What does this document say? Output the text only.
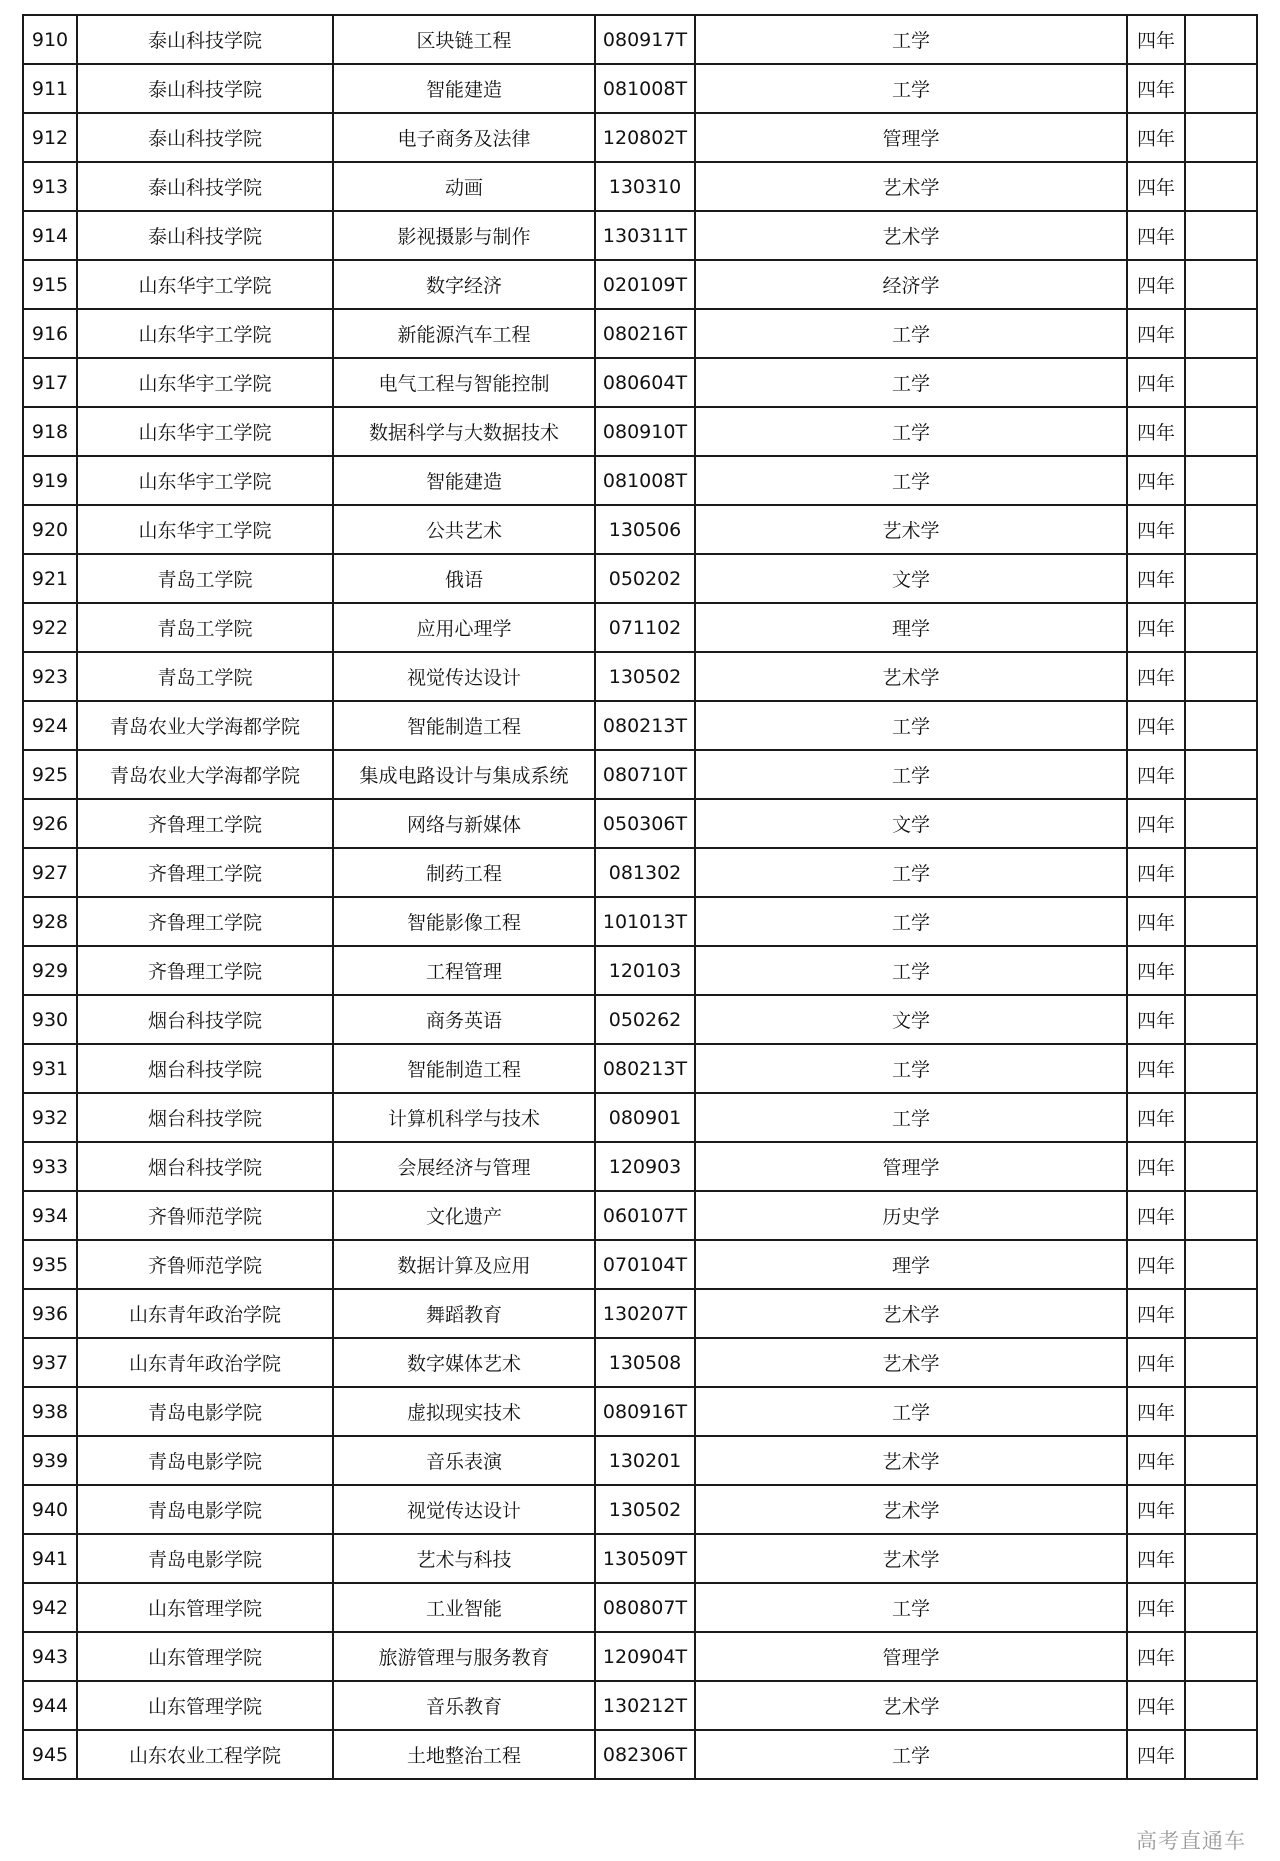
910	泰山科技学院	区块链工程	080917T	工学	四年	
911	泰山科技学院	智能建造	081008T	工学	四年	
912	泰山科技学院	电子商务及法律	120802T	管理学	四年	
913	泰山科技学院	动画	130310	艺术学	四年	
914	泰山科技学院	影视摄影与制作	130311T	艺术学	四年	
915	山东华宇工学院	数字经济	020109T	经济学	四年	
916	山东华宇工学院	新能源汽车工程	080216T	工学	四年	
917	山东华宇工学院	电气工程与智能控制	080604T	工学	四年	
918	山东华宇工学院	数据科学与大数据技术	080910T	工学	四年	
919	山东华宇工学院	智能建造	081008T	工学	四年	
920	山东华宇工学院	公共艺术	130506	艺术学	四年	
921	青岛工学院	俄语	050202	文学	四年	
922	青岛工学院	应用心理学	071102	理学	四年	
923	青岛工学院	视觉传达设计	130502	艺术学	四年	
924	青岛农业大学海都学院	智能制造工程	080213T	工学	四年	
925	青岛农业大学海都学院	集成电路设计与集成系统	080710T	工学	四年	
926	齐鲁理工学院	网络与新媒体	050306T	文学	四年	
927	齐鲁理工学院	制药工程	081302	工学	四年	
928	齐鲁理工学院	智能影像工程	101013T	工学	四年	
929	齐鲁理工学院	工程管理	120103	工学	四年	
930	烟台科技学院	商务英语	050262	文学	四年	
931	烟台科技学院	智能制造工程	080213T	工学	四年	
932	烟台科技学院	计算机科学与技术	080901	工学	四年	
933	烟台科技学院	会展经济与管理	120903	管理学	四年	
934	齐鲁师范学院	文化遗产	060107T	历史学	四年	
935	齐鲁师范学院	数据计算及应用	070104T	理学	四年	
936	山东青年政治学院	舞蹈教育	130207T	艺术学	四年	
937	山东青年政治学院	数字媒体艺术	130508	艺术学	四年	
938	青岛电影学院	虚拟现实技术	080916T	工学	四年	
939	青岛电影学院	音乐表演	130201	艺术学	四年	
940	青岛电影学院	视觉传达设计	130502	艺术学	四年	
941	青岛电影学院	艺术与科技	130509T	艺术学	四年	
942	山东管理学院	工业智能	080807T	工学	四年	
943	山东管理学院	旅游管理与服务教育	120904T	管理学	四年	
944	山东管理学院	音乐教育	130212T	艺术学	四年	
945	山东农业工程学院	土地整治工程	082306T	工学	四年	
高考直通车
